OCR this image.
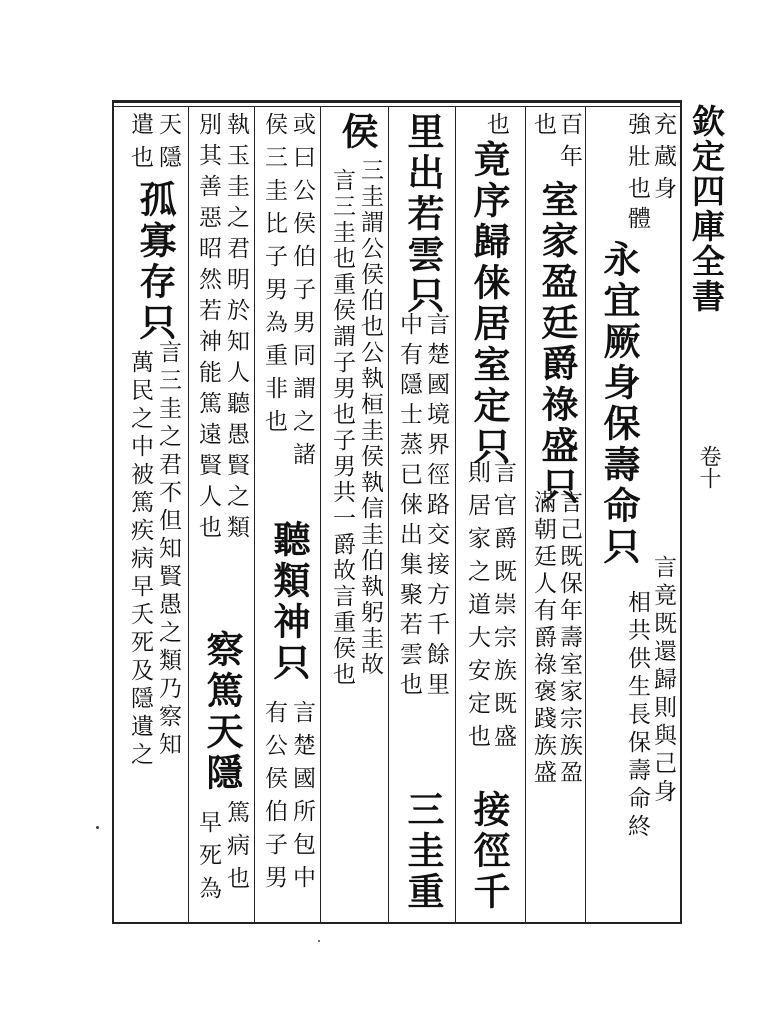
欽定四庫全書
卷十
充蔵身
強壯也
體
永宜厥身保壽命只
言竟既還歸則與己身
相共供生長保壽命終
百年
也
室家盈廷爵祿盛只
言己既保年壽室家宗族盈
滿朝廷人有爵祿褒踐族盛
也
竟序歸俫居室定只
言官爵既崇宗族既盛
則居家之道大安定也
接徑千
里出若雲只
言楚國境界徑路交接方千餘里
中有隱士蒸已俫出集聚若雲也
三圭重
侯
三圭謂公侯伯也公執桓圭侯執信圭伯執躬圭故
言三圭也重侯謂子男也子男共一爵故言重侯也
或曰公侯伯子男同謂之諸
侯三圭比子男為重非也
聽類神只
言楚國所包中
有公侯伯子男
執玉圭之君明於知人聽愚賢之類
別其善惡昭然若神能篤遠賢人也
察篤天隱
篤病也
早死為
天隱
遣也
孤寡存只
言三圭之君不但知賢愚之類乃察知
萬民之中被篤疾病早夭死及隱遺之
